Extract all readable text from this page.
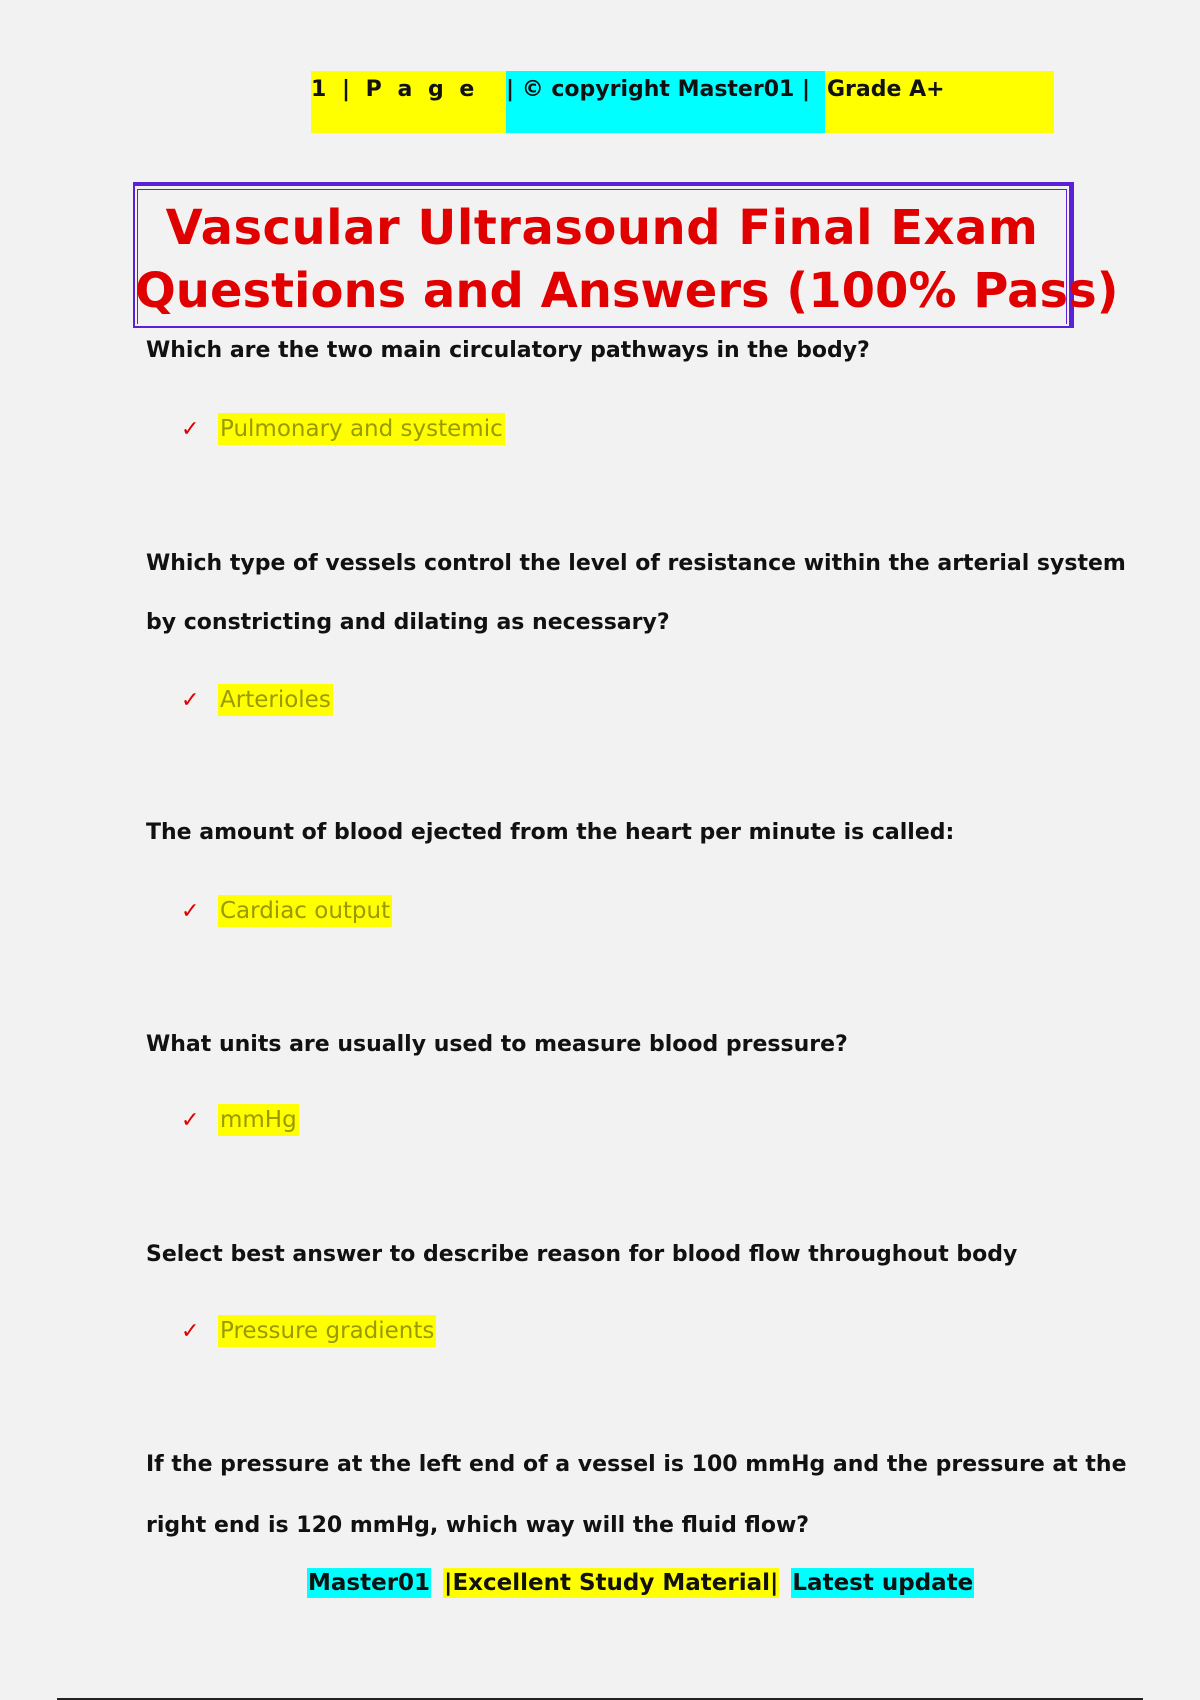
1 | P a g e	| © copyright Master01 | Grade A+
Vascular Ultrasound Final Exam
Questions and Answers (100% Pass)
Which are the two main circulatory pathways in the body?
✓ Pulmonary and systemic
Which type of vessels control the level of resistance within the arterial system
by constricting and dilating as necessary?
✓ Arterioles
The amount of blood ejected from the heart per minute is called:
✓ Cardiac output
What units are usually used to measure blood pressure?
✓ mmHg
Select best answer to describe reason for blood flow throughout body
✓ Pressure gradients
If the pressure at the left end of a vessel is 100 mmHg and the pressure at the
right end is 120 mmHg, which way will the fluid flow?
Master01 |Excellent Study Material| Latest update
